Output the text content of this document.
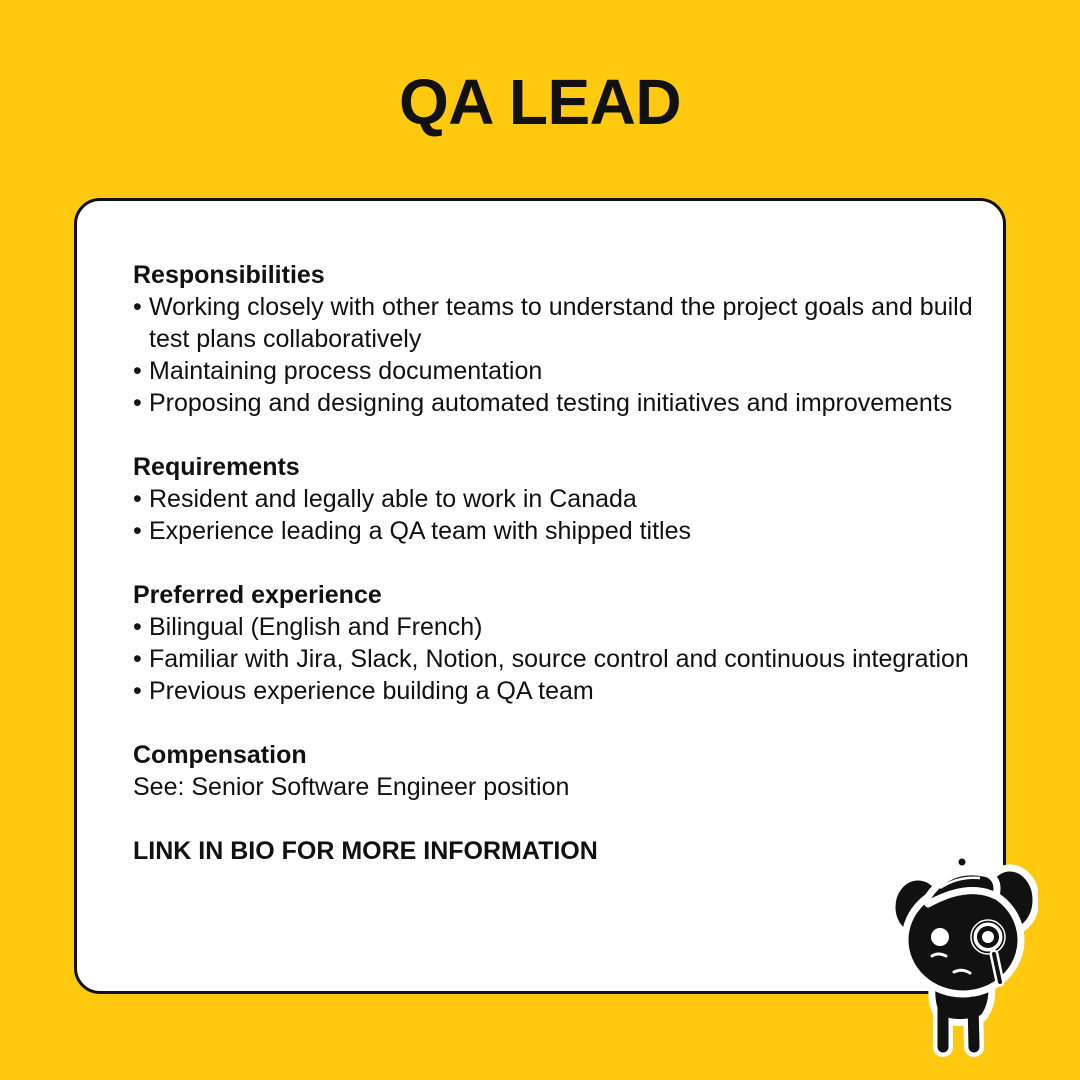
QA LEAD
Responsibilities
• Working closely with other teams to understand the project goals and build test plans collaboratively
• Maintaining process documentation
• Proposing and designing automated testing initiatives and improvements
Requirements
• Resident and legally able to work in Canada
• Experience leading a QA team with shipped titles
Preferred experience
• Bilingual (English and French)
• Familiar with Jira, Slack, Notion, source control and continuous integration
• Previous experience building a QA team
Compensation
See: Senior Software Engineer position
LINK IN BIO FOR MORE INFORMATION
